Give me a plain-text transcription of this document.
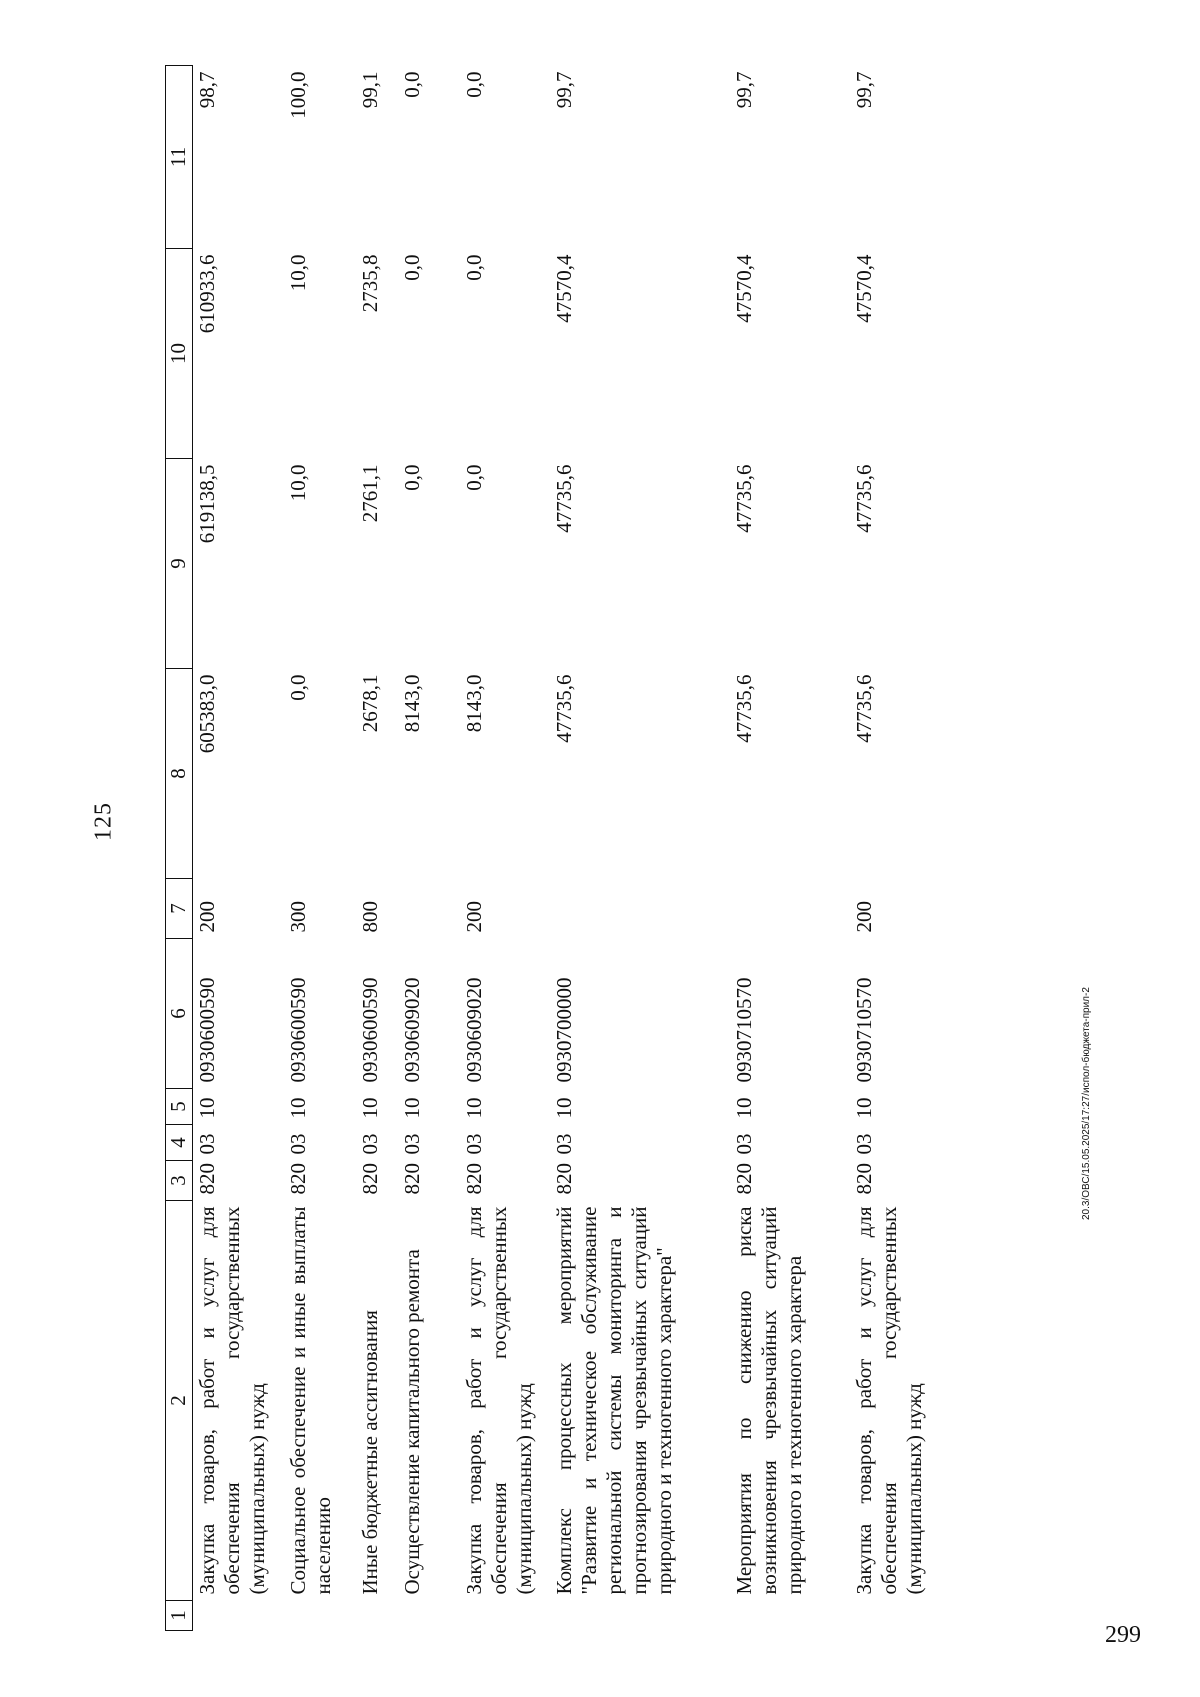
125
1	2	3	4	5	6	7	8	9	10	11
	Закупка товаров, работ и услуг для обеспечения государственных (муниципальных) нужд	820	03	10	0930600590	200	605383,0	619138,5	610933,6	98,7
	Социальное обеспечение и иные выплаты населению	820	03	10	0930600590	300	0,0	10,0	10,0	100,0
	Иные бюджетные ассигнования	820	03	10	0930600590	800	2678,1	2761,1	2735,8	99,1
	Осуществление капитального ремонта	820	03	10	0930609020		8143,0	0,0	0,0	0,0
	Закупка товаров, работ и услуг для обеспечения государственных (муниципальных) нужд	820	03	10	0930609020	200	8143,0	0,0	0,0	0,0
	Комплекс процессных мероприятий "Развитие и техническое обслуживание региональной системы мониторинга и прогнозирования чрезвычайных ситуаций природного и техногенного характера"	820	03	10	0930700000		47735,6	47735,6	47570,4	99,7
	Мероприятия по снижению риска возникновения чрезвычайных ситуаций природного и техногенного характера	820	03	10	0930710570		47735,6	47735,6	47570,4	99,7
	Закупка товаров, работ и услуг для обеспечения государственных (муниципальных) нужд	820	03	10	0930710570	200	47735,6	47735,6	47570,4	99,7
20.3/ОВС/15.05.2025/17:27/испол-бюджета-прил-2
299
